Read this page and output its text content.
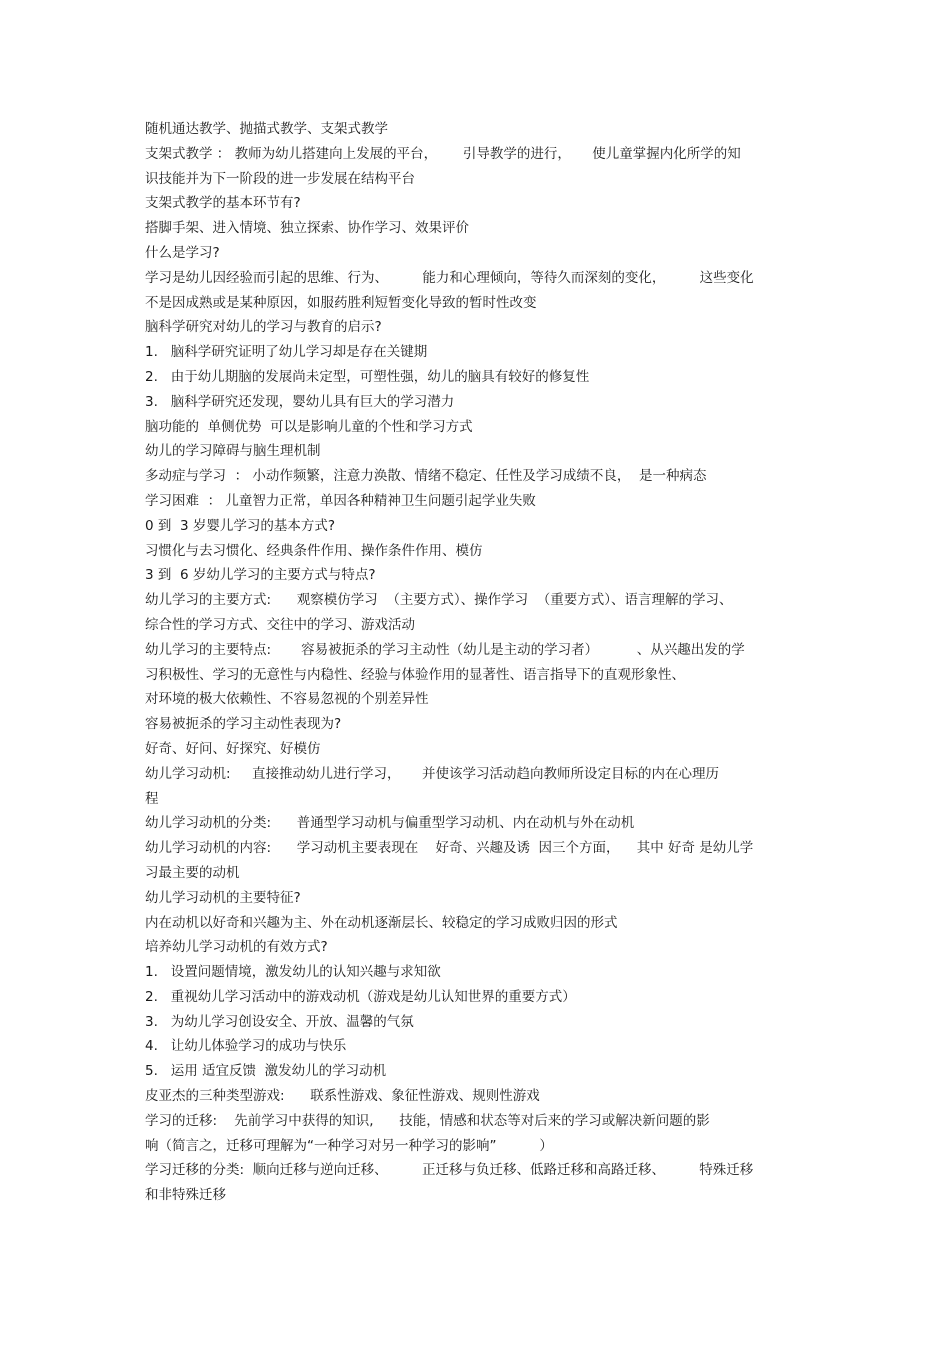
随机通达教学、抛描式教学、支架式教学
支架式教学 ： 教师为幼儿搭建向上发展的平台，      引导教学的进行，     使儿童掌握内化所学的知
识技能并为下一阶段的进一步发展在结构平台
支架式教学的基本环节有?
搭脚手架、进入情境、独立探索、协作学习、效果评价
什么是学习?
学习是幼儿因经验而引起的思维、行为、        能力和心理倾向，等待久而深刻的变化，        这些变化
不是因成熟或是某种原因，如服药胜利短暂变化导致的暂时性改变
脑科学研究对幼儿的学习与教育的启示?
1.   脑科学研究证明了幼儿学习却是存在关键期
2.   由于幼儿期脑的发展尚未定型，可塑性强，幼儿的脑具有较好的修复性
3.   脑科学研究还发现，婴幼儿具有巨大的学习潜力
脑功能的  单侧优势  可以是影响儿童的个性和学习方式
幼儿的学习障碍与脑生理机制
多动症与学习  ： 小动作频繁，注意力涣散、情绪不稳定、任性及学习成绩不良，  是一种病态
学习困难  ： 儿童智力正常，单因各种精神卫生问题引起学业失败
0 到  3 岁婴儿学习的基本方式?
习惯化与去习惯化、经典条件作用、操作条件作用、模仿
3 到  6 岁幼儿学习的主要方式与特点?
幼儿学习的主要方式:      观察模仿学习  （主要方式）、操作学习  （重要方式）、语言理解的学习、
综合性的学习方式、交往中的学习、游戏活动
幼儿学习的主要特点:       容易被扼杀的学习主动性（幼儿是主动的学习者）         、从兴趣出发的学
习积极性、学习的无意性与内稳性、经验与体验作用的显著性、语言指导下的直观形象性、
对环境的极大依赖性、不容易忽视的个别差异性
容易被扼杀的学习主动性表现为?
好奇、好问、好探究、好模仿
幼儿学习动机:     直接推动幼儿进行学习，     并使该学习活动趋向教师所设定目标的内在心理历
程
幼儿学习动机的分类:      普通型学习动机与偏重型学习动机、内在动机与外在动机
幼儿学习动机的内容:      学习动机主要表现在    好奇、兴趣及诱  因三个方面，    其中 好奇 是幼儿学
习最主要的动机
幼儿学习动机的主要特征?
内在动机以好奇和兴趣为主、外在动机逐渐层长、较稳定的学习成败归因的形式
培养幼儿学习动机的有效方式?
1.   设置问题情境，激发幼儿的认知兴趣与求知欲
2.   重视幼儿学习活动中的游戏动机（游戏是幼儿认知世界的重要方式）
3.   为幼儿学习创设安全、开放、温馨的气氛
4.   让幼儿体验学习的成功与快乐
5.   运用 适宜反馈  激发幼儿的学习动机
皮亚杰的三种类型游戏:      联系性游戏、象征性游戏、规则性游戏
学习的迁移:    先前学习中获得的知识,      技能，情感和状态等对后来的学习或解决新问题的影
响（简言之，迁移可理解为“一种学习对另一种学习的影响”          ）
学习迁移的分类:  顺向迁移与逆向迁移、        正迁移与负迁移、低路迁移和高路迁移、        特殊迁移
和非特殊迁移
